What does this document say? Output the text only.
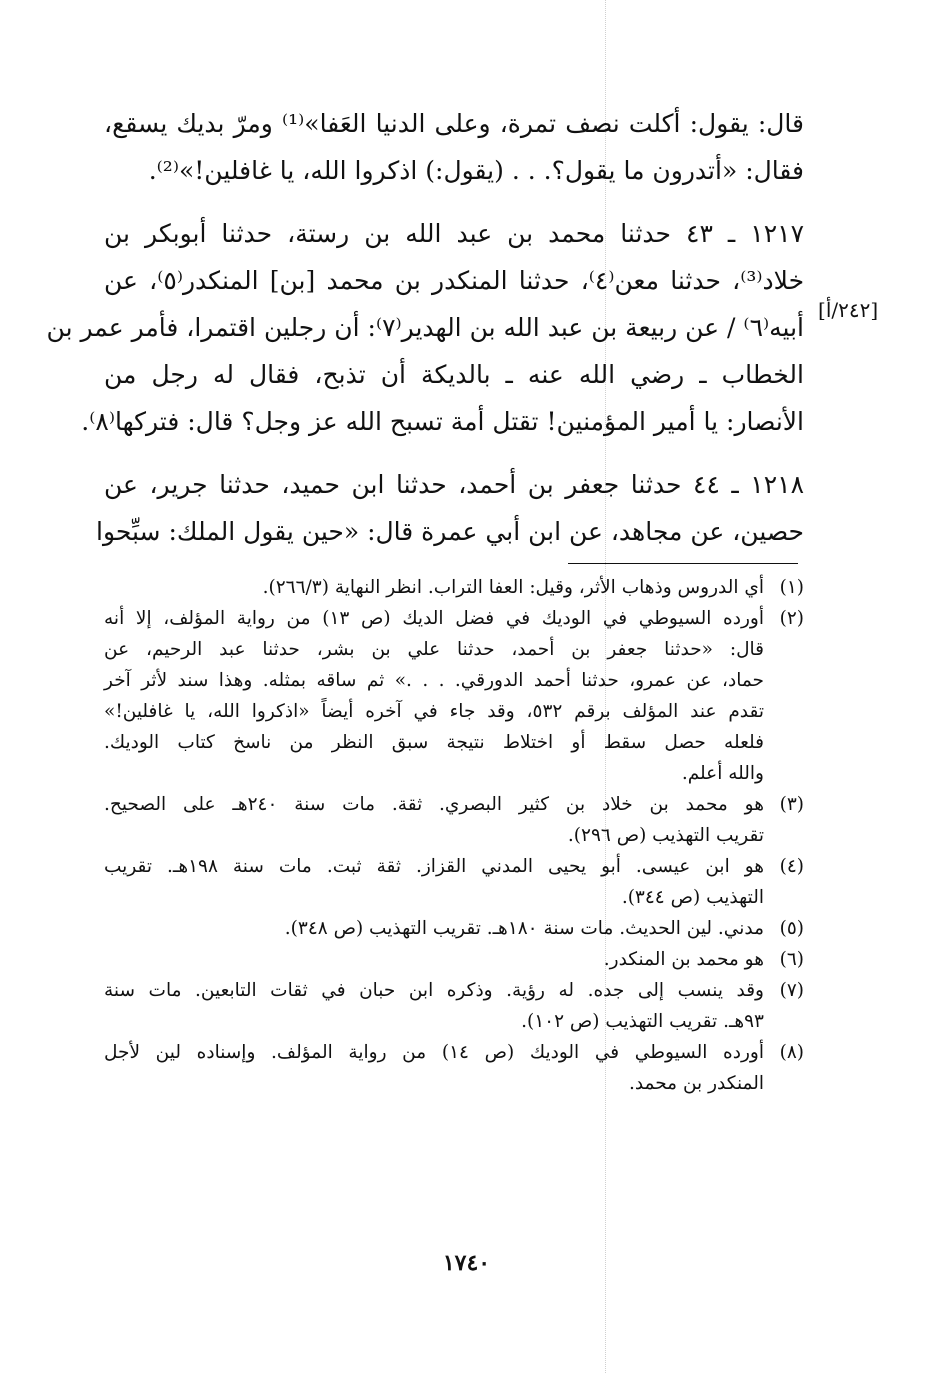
قال: يقول: أكلت نصف تمرة، وعلى الدنيا العَفا»⁽¹⁾ ومرّ بديك يسقع،
فقال: «أتدرون ما يقول؟. . . (يقول:) اذكروا الله، يا غافلين!»⁽²⁾.

١٢١٧ ـ ٤٣ حدثنا محمد بن عبد الله بن رستة، حدثنا أبوبكر بن
خلاد⁽³⁾، حدثنا معن⁽٤⁾، حدثنا المنكدر بن محمد [بن] المنكدر⁽٥⁾، عن
أبيه⁽٦⁾ / عن ربيعة بن عبد الله بن الهدير⁽٧⁾: أن رجلين اقتمرا، فأمر عمر بن
الخطاب ـ رضي الله عنه ـ بالديكة أن تذبح، فقال له رجل من
الأنصار: يا أمير المؤمنين! تقتل أمة تسبح الله عز وجل؟ قال: فتركها⁽٨⁾.

١٢١٨ ـ ٤٤ حدثنا جعفر بن أحمد، حدثنا ابن حميد، حدثنا جرير، عن
حصين، عن مجاهد، عن ابن أبي عمرة قال: «حين يقول الملك: سبِّحوا

[٢٤٢/أ]
(١)
أي الدروس وذهاب الأثر، وقيل: العفا التراب. انظر النهاية (٢٦٦/٣).
(٢)
أورده السيوطي في الوديك في فضل الديك (ص ١٣) من رواية المؤلف، إلا أنه
قال: «حدثنا جعفر بن أحمد، حدثنا علي بن بشر، حدثنا عبد الرحيم، عن
حماد، عن عمرو، حدثنا أحمد الدورقي. . . .» ثم ساقه بمثله. وهذا سند لأثر آخر
تقدم عند المؤلف برقم ٥٣٢، وقد جاء في آخره أيضاً «اذكروا الله، يا غافلين!»
فلعله حصل سقط أو اختلاط نتيجة سبق النظر من ناسخ كتاب الوديك.
والله أعلم.
(٣)
هو محمد بن خلاد بن كثير البصري. ثقة. مات سنة ٢٤٠هـ على الصحيح.
تقريب التهذيب (ص ٢٩٦).
(٤)
هو ابن عيسى. أبو يحيى المدني القزاز. ثقة ثبت. مات سنة ١٩٨هـ. تقريب
التهذيب (ص ٣٤٤).
(٥)
مدني. لين الحديث. مات سنة ١٨٠هـ. تقريب التهذيب (ص ٣٤٨).
(٦)
هو محمد بن المنكدر.
(٧)
وقد ينسب إلى جده. له رؤية. وذكره ابن حبان في ثقات التابعين. مات سنة
٩٣هـ. تقريب التهذيب (ص ١٠٢).
(٨)
أورده السيوطي في الوديك (ص ١٤) من رواية المؤلف. وإسناده لين لأجل
المنكدر بن محمد.
١٧٤٠
